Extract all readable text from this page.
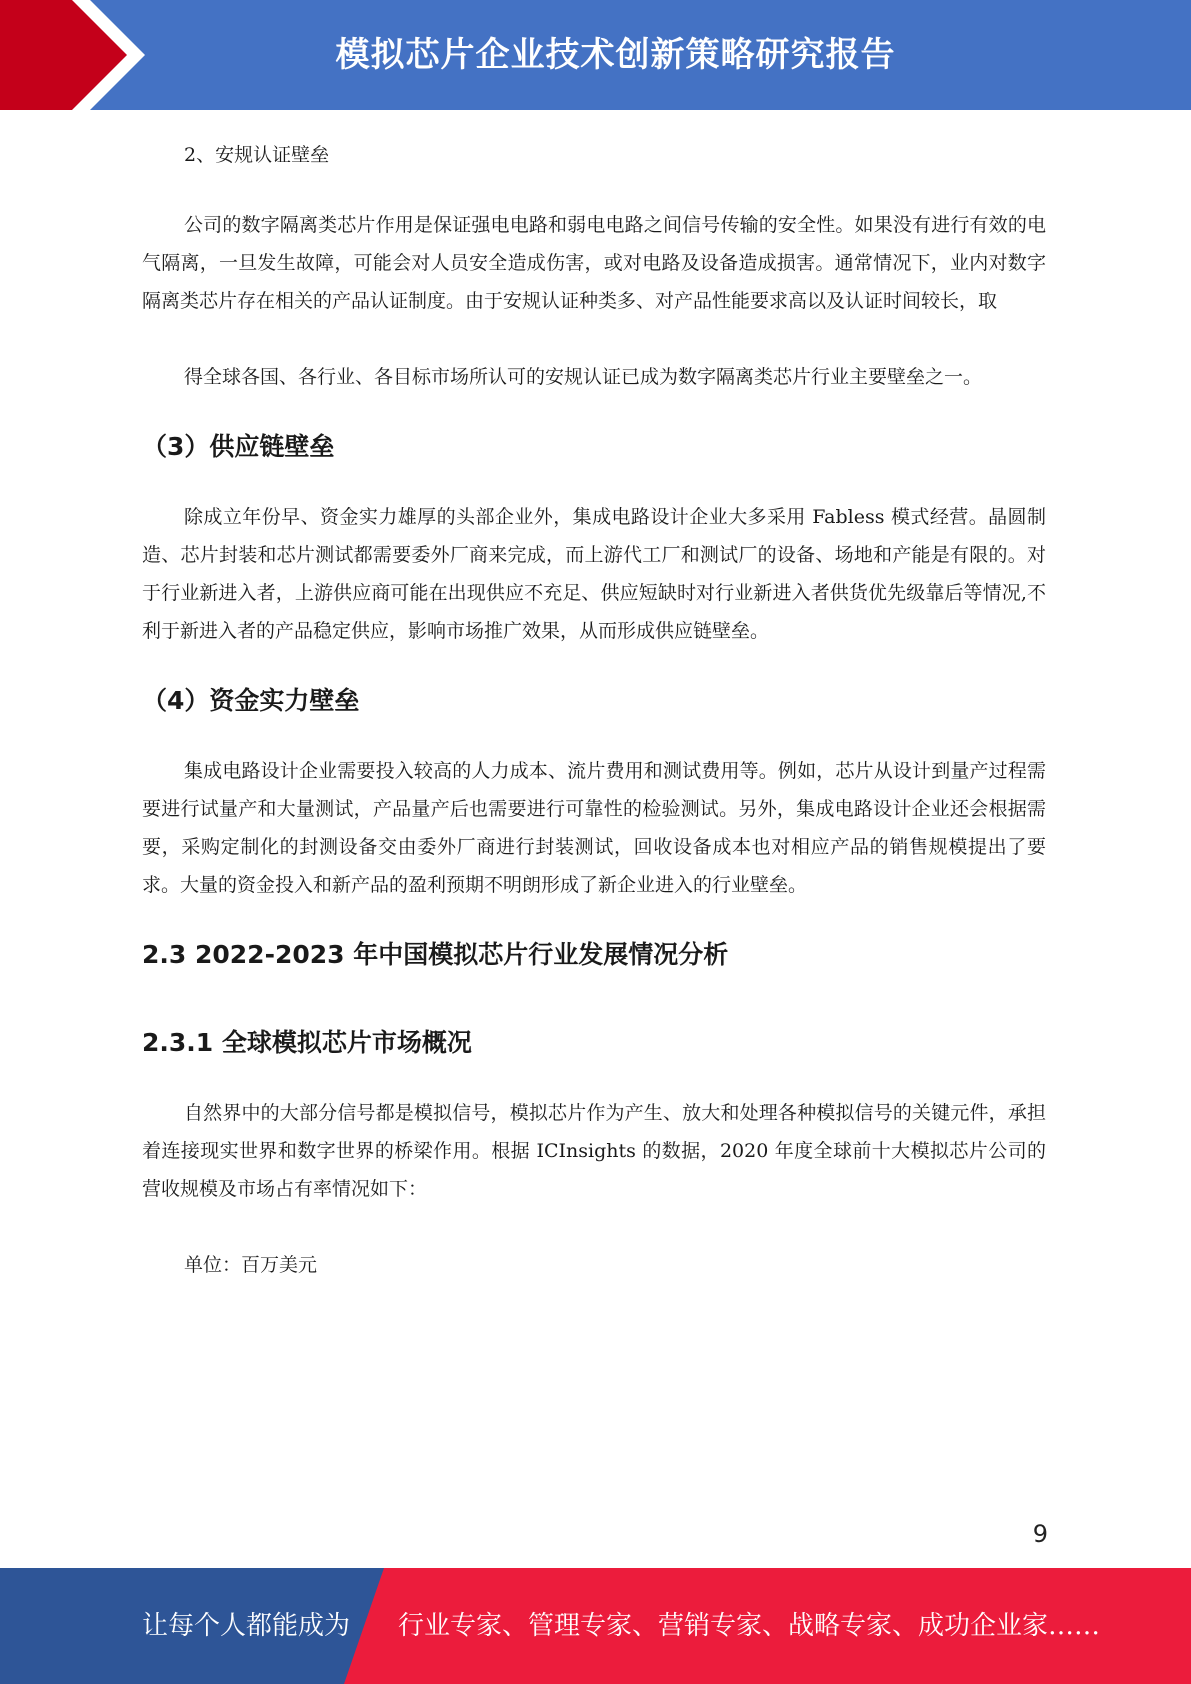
模拟芯片企业技术创新策略研究报告

2、安规认证壁垒

公司的数字隔离类芯片作用是保证强电电路和弱电电路之间信号传输的安全性。如果没有进行有效的电气隔离，一旦发生故障，可能会对人员安全造成伤害，或对电路及设备造成损害。通常情况下，业内对数字隔离类芯片存在相关的产品认证制度。由于安规认证种类多、对产品性能要求高以及认证时间较长，取

得全球各国、各行业、各目标市场所认可的安规认证已成为数字隔离类芯片行业主要壁垒之一。

（3）供应链壁垒

除成立年份早、资金实力雄厚的头部企业外，集成电路设计企业大多采用 Fabless 模式经营。晶圆制造、芯片封装和芯片测试都需要委外厂商来完成，而上游代工厂和测试厂的设备、场地和产能是有限的。对于行业新进入者，上游供应商可能在出现供应不充足、供应短缺时对行业新进入者供货优先级靠后等情况,不利于新进入者的产品稳定供应，影响市场推广效果，从而形成供应链壁垒。

（4）资金实力壁垒

集成电路设计企业需要投入较高的人力成本、流片费用和测试费用等。例如，芯片从设计到量产过程需要进行试量产和大量测试，产品量产后也需要进行可靠性的检验测试。另外，集成电路设计企业还会根据需要，采购定制化的封测设备交由委外厂商进行封装测试，回收设备成本也对相应产品的销售规模提出了要求。大量的资金投入和新产品的盈利预期不明朗形成了新企业进入的行业壁垒。

2.3 2022-2023 年中国模拟芯片行业发展情况分析
2.3.1 全球模拟芯片市场概况

自然界中的大部分信号都是模拟信号，模拟芯片作为产生、放大和处理各种模拟信号的关键元件，承担着连接现实世界和数字世界的桥梁作用。根据 ICInsights 的数据，2020 年度全球前十大模拟芯片公司的营收规模及市场占有率情况如下：

单位：百万美元

9
让每个人都能成为 行业专家、管理专家、营销专家、战略专家、成功企业家……
